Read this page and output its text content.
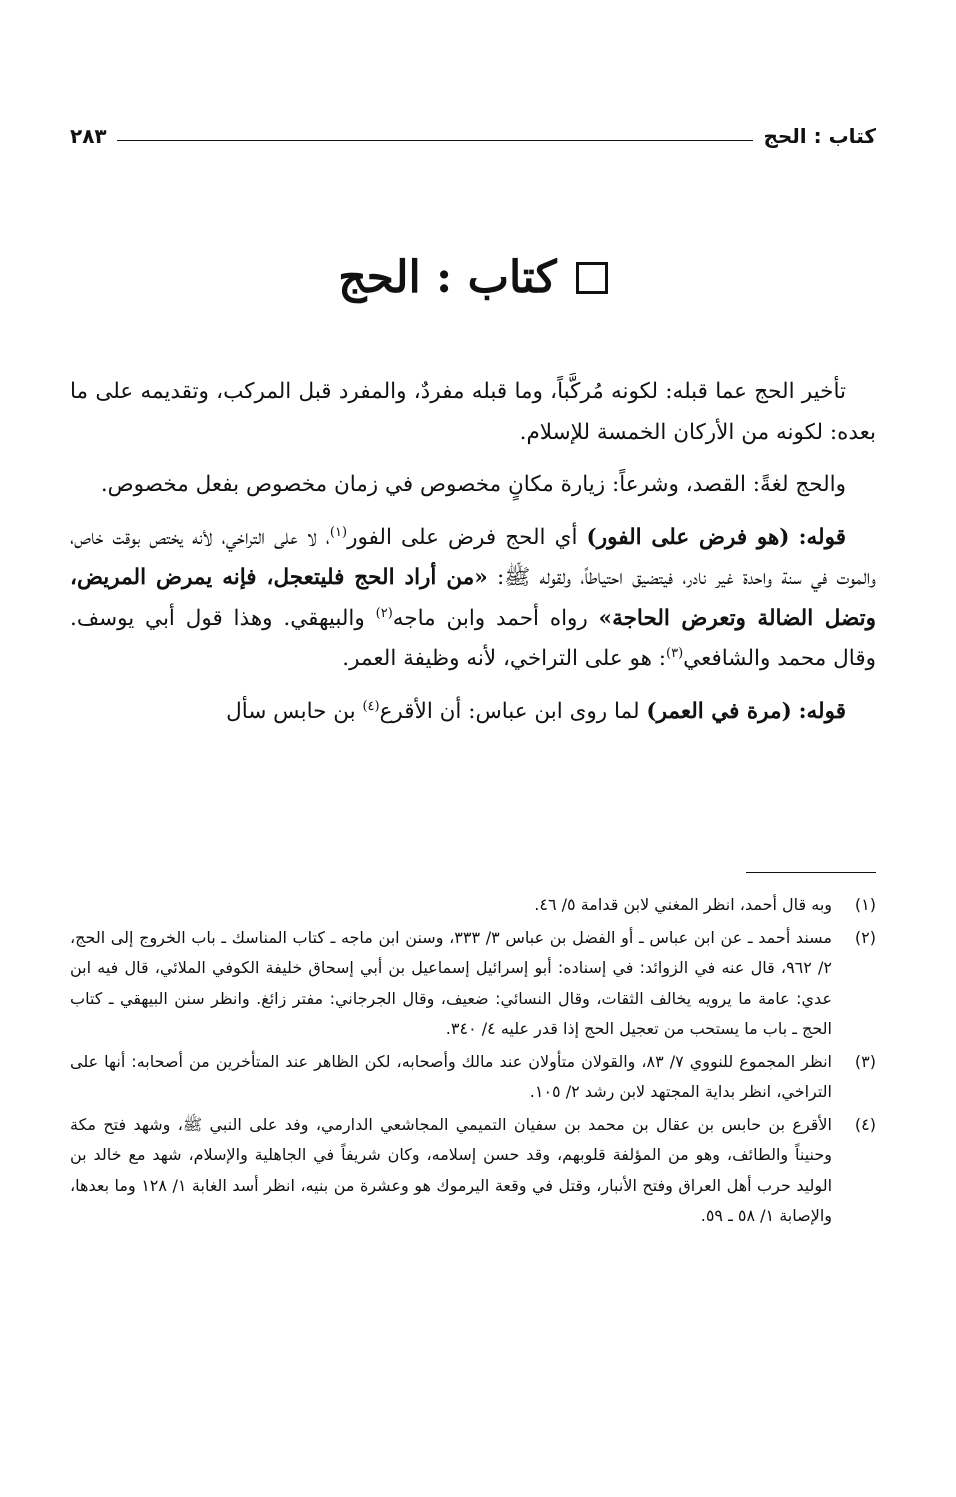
كتاب : الحج
٢٨٣
كتاب : الحج

تأخير الحج عما قبله: لكونه مُركَّباً، وما قبله مفردٌ، والمفرد قبل المركب، وتقديمه على ما بعده: لكونه من الأركان الخمسة للإسلام.

والحج لغةً: القصد، وشرعاً: زيارة مكانٍ مخصوص في زمان مخصوص بفعل مخصوص.

قوله: (هو فرض على الفور) أي الحج فرض على الفور$^{(١)}$، لا على التراخي، لأنه يختص بوقت خاص، والموت في سنة واحدة غير نادر، فيتضيق احتياطاً، ولقوله ﷺ: «من أراد الحج فليتعجل، فإنه يمرض المريض، وتضل الضالة وتعرض الحاجة» رواه أحمد وابن ماجه$^{(٢)}$ والبيهقي. وهذا قول أبي يوسف. وقال محمد والشافعي$^{(٣)}$: هو على التراخي، لأنه وظيفة العمر.

قوله: (مرة في العمر) لما روى ابن عباس: أن الأقرع$^{(٤)}$ بن حابس سأل

(١)
وبه قال أحمد، انظر المغني لابن قدامة ٥/ ٤٦.
(٢)
مسند أحمد ـ عن ابن عباس ـ أو الفضل بن عباس ٣/ ٣٣٣، وسنن ابن ماجه ـ كتاب المناسك ـ باب الخروج إلى الحج، ٢/ ٩٦٢، قال عنه في الزوائد: في إسناده: أبو إسرائيل إسماعيل بن أبي إسحاق خليفة الكوفي الملائي، قال فيه ابن عدي: عامة ما يرويه يخالف الثقات، وقال النسائي: ضعيف، وقال الجرجاني: مفتر زائغ. وانظر سنن البيهقي ـ كتاب الحج ـ باب ما يستحب من تعجيل الحج إذا قدر عليه ٤/ ٣٤٠.
(٣)
انظر المجموع للنووي ٧/ ٨٣، والقولان متأولان عند مالك وأصحابه، لكن الظاهر عند المتأخرين من أصحابه: أنها على التراخي، انظر بداية المجتهد لابن رشد ٢/ ١٠٥.
(٤)
الأقرع بن حابس بن عقال بن محمد بن سفيان التميمي المجاشعي الدارمي، وفد على النبي ﷺ، وشهد فتح مكة وحنيناً والطائف، وهو من المؤلفة قلوبهم، وقد حسن إسلامه، وكان شريفاً في الجاهلية والإسلام، شهد مع خالد بن الوليد حرب أهل العراق وفتح الأنبار، وقتل في وقعة اليرموك هو وعشرة من بنيه، انظر أسد الغابة ١/ ١٢٨ وما بعدها، والإصابة ١/ ٥٨ ـ ٥٩.
